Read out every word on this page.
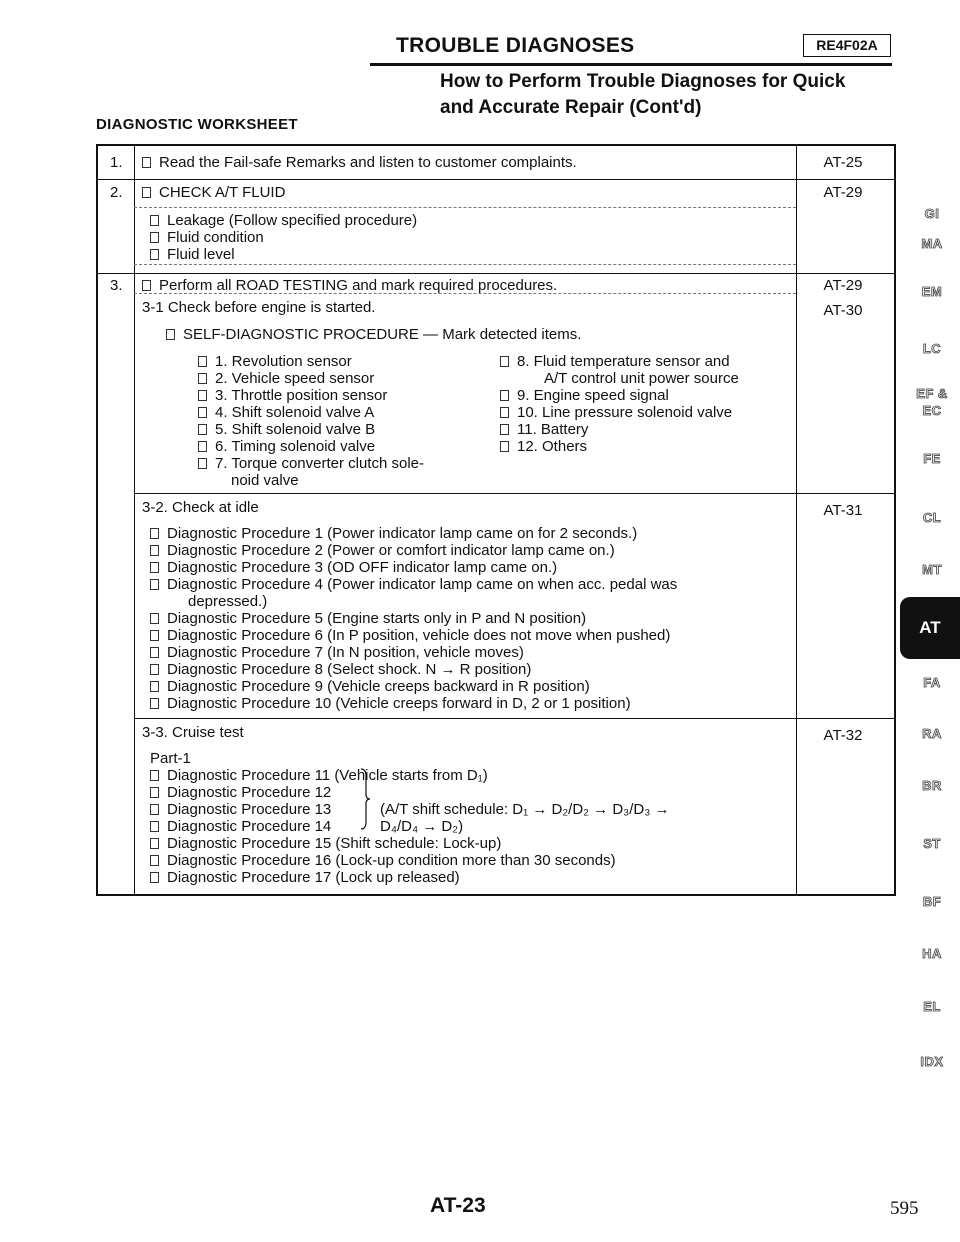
TROUBLE DIAGNOSES	RE4F02A
How to Perform Trouble Diagnoses for Quick
and Accurate Repair (Cont'd)
DIAGNOSTIC WORKSHEET
1.	Read the Fail-safe Remarks and listen to customer complaints.	AT-25
2.	CHECK A/T FLUID	AT-29
Leakage (Follow specified procedure)
Fluid condition
Fluid level
3.	Perform all ROAD TESTING and mark required procedures.	AT-29
3-1 Check before engine is started.	AT-30
SELF-DIAGNOSTIC PROCEDURE — Mark detected items.
1. Revolution sensor
2. Vehicle speed sensor
3. Throttle position sensor
4. Shift solenoid valve A
5. Shift solenoid valve B
6. Timing solenoid valve
7. Torque converter clutch sole-
noid valve
8. Fluid temperature sensor and
A/T control unit power source
9. Engine speed signal
10. Line pressure solenoid valve
11. Battery
12. Others
3-2. Check at idle	AT-31
Diagnostic Procedure 1 (Power indicator lamp came on for 2 seconds.)
Diagnostic Procedure 2 (Power or comfort indicator lamp came on.)
Diagnostic Procedure 3 (OD OFF indicator lamp came on.)
Diagnostic Procedure 4 (Power indicator lamp came on when acc. pedal was
depressed.)
Diagnostic Procedure 5 (Engine starts only in P and N position)
Diagnostic Procedure 6 (In P position, vehicle does not move when pushed)
Diagnostic Procedure 7 (In N position, vehicle moves)
Diagnostic Procedure 8 (Select shock. N → R position)
Diagnostic Procedure 9 (Vehicle creeps backward in R position)
Diagnostic Procedure 10 (Vehicle creeps forward in D, 2 or 1 position)
3-3. Cruise test	AT-32
Part-1
Diagnostic Procedure 11 (Vehicle starts from D₁)
Diagnostic Procedure 12
Diagnostic Procedure 13
Diagnostic Procedure 14
Diagnostic Procedure 15 (Shift schedule: Lock-up)
Diagnostic Procedure 16 (Lock-up condition more than 30 seconds)
Diagnostic Procedure 17 (Lock up released)
(A/T shift schedule: D₁ → D₂/D₂ → D₃/D₃ →
D₄/D₄ → D₂)
GI
MA
EM
LC
EF &
EC
FE
CL
MT
FA
RA
BR
ST
BF
HA
EL
IDX
AT
AT-23	595
